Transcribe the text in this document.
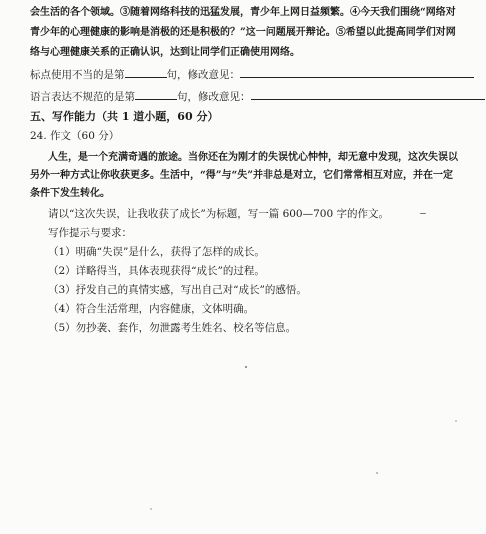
会生活的各个领域。③随着网络科技的迅猛发展，青少年上网日益频繁。④今天我们围绕“网络对
青少年的心理健康的影响是消极的还是积极的？”这一问题展开辩论。⑤希望以此提高同学们对网
络与心理健康关系的正确认识，达到让同学们正确使用网络。
标点使用不当的是第	句，修改意见：
语言表达不规范的是第	句，修改意见：
五、写作能力（共 1 道小题，60 分）
24. 作文（60 分）
人生，是一个充满奇遇的旅途。当你还在为刚才的失误忧心忡忡，却无意中发现，这次失误以
另外一种方式让你收获更多。生活中，“得”与“失”并非总是对立，它们常常相互对应，并在一定
条件下发生转化。
请以“这次失误，让我收获了成长”为标题，写一篇 600—700 字的作文。
写作提示与要求：
（1）明确“失误”是什么，获得了怎样的成长。
（2）详略得当，具体表现获得“成长”的过程。
（3）抒发自己的真情实感，写出自己对“成长”的感悟。
（4）符合生活常理，内容健康，文体明确。
（5）勿抄袭、套作，勿泄露考生姓名、校名等信息。
